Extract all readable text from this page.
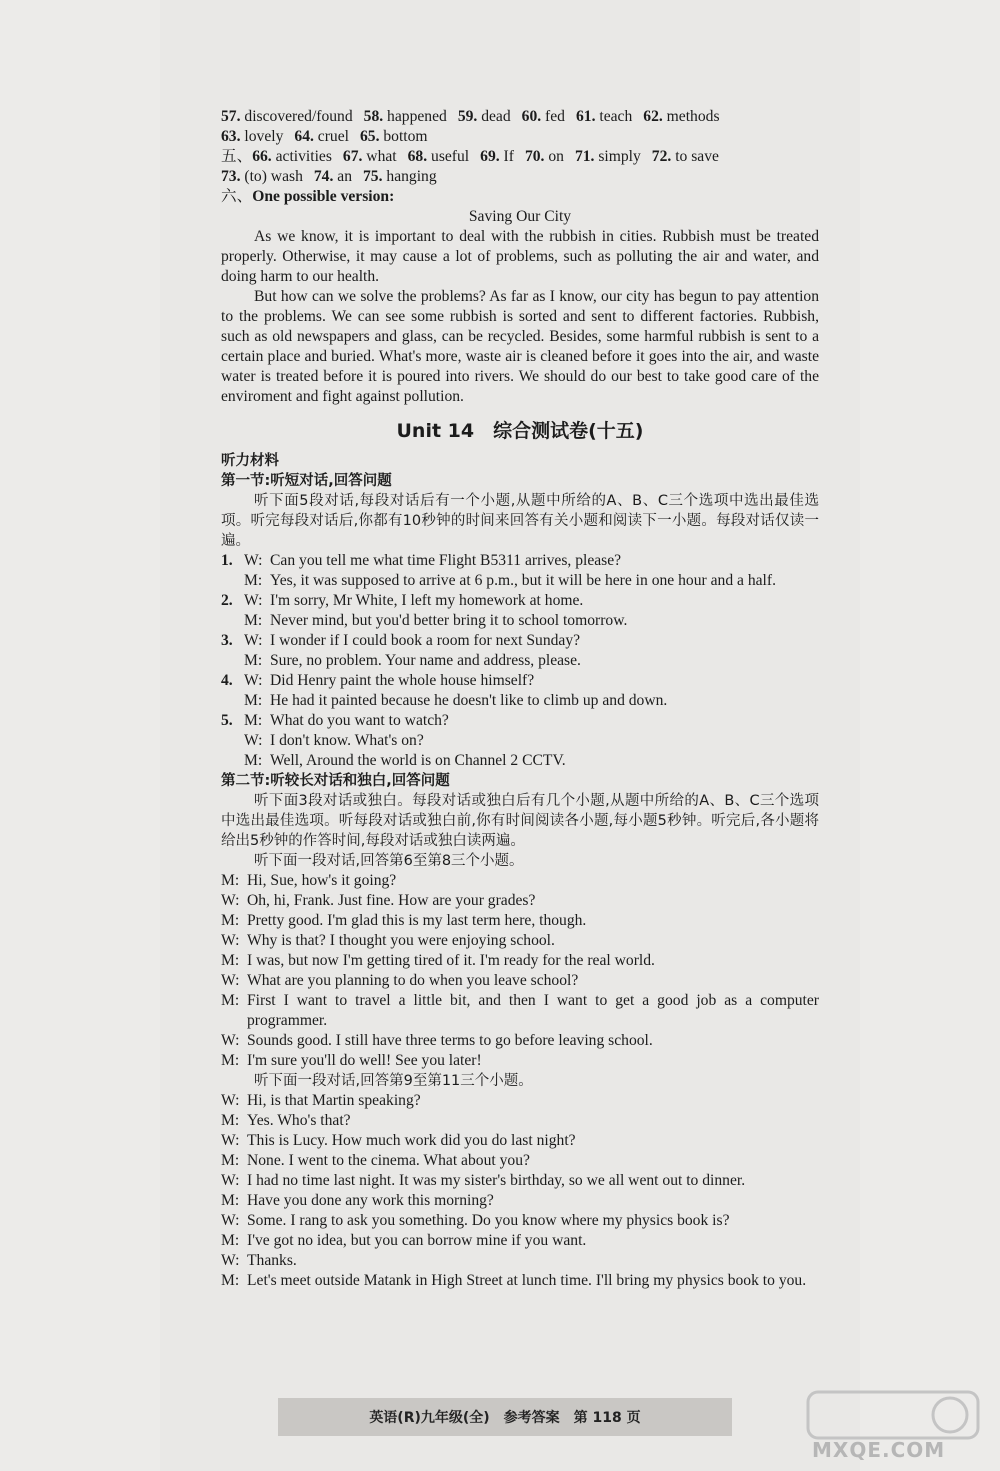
57. discovered/found 58. happened 59. dead 60. fed 61. teach 62. methods
63. lovely 64. cruel 65. bottom
五、66. activities 67. what 68. useful 69. If 70. on 71. simply 72. to save
73. (to) wash 74. an 75. hanging
六、One possible version:

Saving Our City

As we know, it is important to deal with the rubbish in cities. Rubbish must be treated properly. Otherwise, it may cause a lot of problems, such as polluting the air and water, and doing harm to our health.

But how can we solve the problems? As far as I know, our city has begun to pay attention to the problems. We can see some rubbish is sorted and sent to different factories. Rubbish, such as old newspapers and glass, can be recycled. Besides, some harmful rubbish is sent to a certain place and buried. What's more, waste air is cleaned before it goes into the air, and waste water is treated before it is poured into rivers. We should do our best to take good care of the enviroment and fight against pollution.

Unit 14　综合测试卷(十五)
听力材料
第一节:听短对话,回答问题

听下面5段对话,每段对话后有一个小题,从题中所给的A、B、C三个选项中选出最佳选项。听完每段对话后,你都有10秒钟的时间来回答有关小题和阅读下一小题。每段对话仅读一遍。

1. W: Can you tell me what time Flight B5311 arrives, please?
M: Yes, it was supposed to arrive at 6 p.m., but it will be here in one hour and a half.
2. W: I'm sorry, Mr White, I left my homework at home.
M: Never mind, but you'd better bring it to school tomorrow.
3. W: I wonder if I could book a room for next Sunday?
M: Sure, no problem. Your name and address, please.
4. W: Did Henry paint the whole house himself?
M: He had it painted because he doesn't like to climb up and down.
5. M: What do you want to watch?
W: I don't know. What's on?
M: Well, Around the world is on Channel 2 CCTV.
第二节:听较长对话和独白,回答问题

听下面3段对话或独白。每段对话或独白后有几个小题,从题中所给的A、B、C三个选项中选出最佳选项。听每段对话或独白前,你有时间阅读各小题,每小题5秒钟。听完后,各小题将给出5秒钟的作答时间,每段对话或独白读两遍。

听下面一段对话,回答第6至第8三个小题。

M: Hi, Sue, how's it going?
W: Oh, hi, Frank. Just fine. How are your grades?
M: Pretty good. I'm glad this is my last term here, though.
W: Why is that? I thought you were enjoying school.
M: I was, but now I'm getting tired of it. I'm ready for the real world.
W: What are you planning to do when you leave school?
M: First I want to travel a little bit, and then I want to get a good job as a computer programmer.
W: Sounds good. I still have three terms to go before leaving school.
M: I'm sure you'll do well! See you later!

听下面一段对话,回答第9至第11三个小题。

W: Hi, is that Martin speaking?
M: Yes. Who's that?
W: This is Lucy. How much work did you do last night?
M: None. I went to the cinema. What about you?
W: I had no time last night. It was my sister's birthday, so we all went out to dinner.
M: Have you done any work this morning?
W: Some. I rang to ask you something. Do you know where my physics book is?
M: I've got no idea, but you can borrow mine if you want.
W: Thanks.
M: Let's meet outside Matank in High Street at lunch time. I'll bring my physics book to you.
英语(R)九年级(全)　参考答案　第 118 页
MXQE.COM
